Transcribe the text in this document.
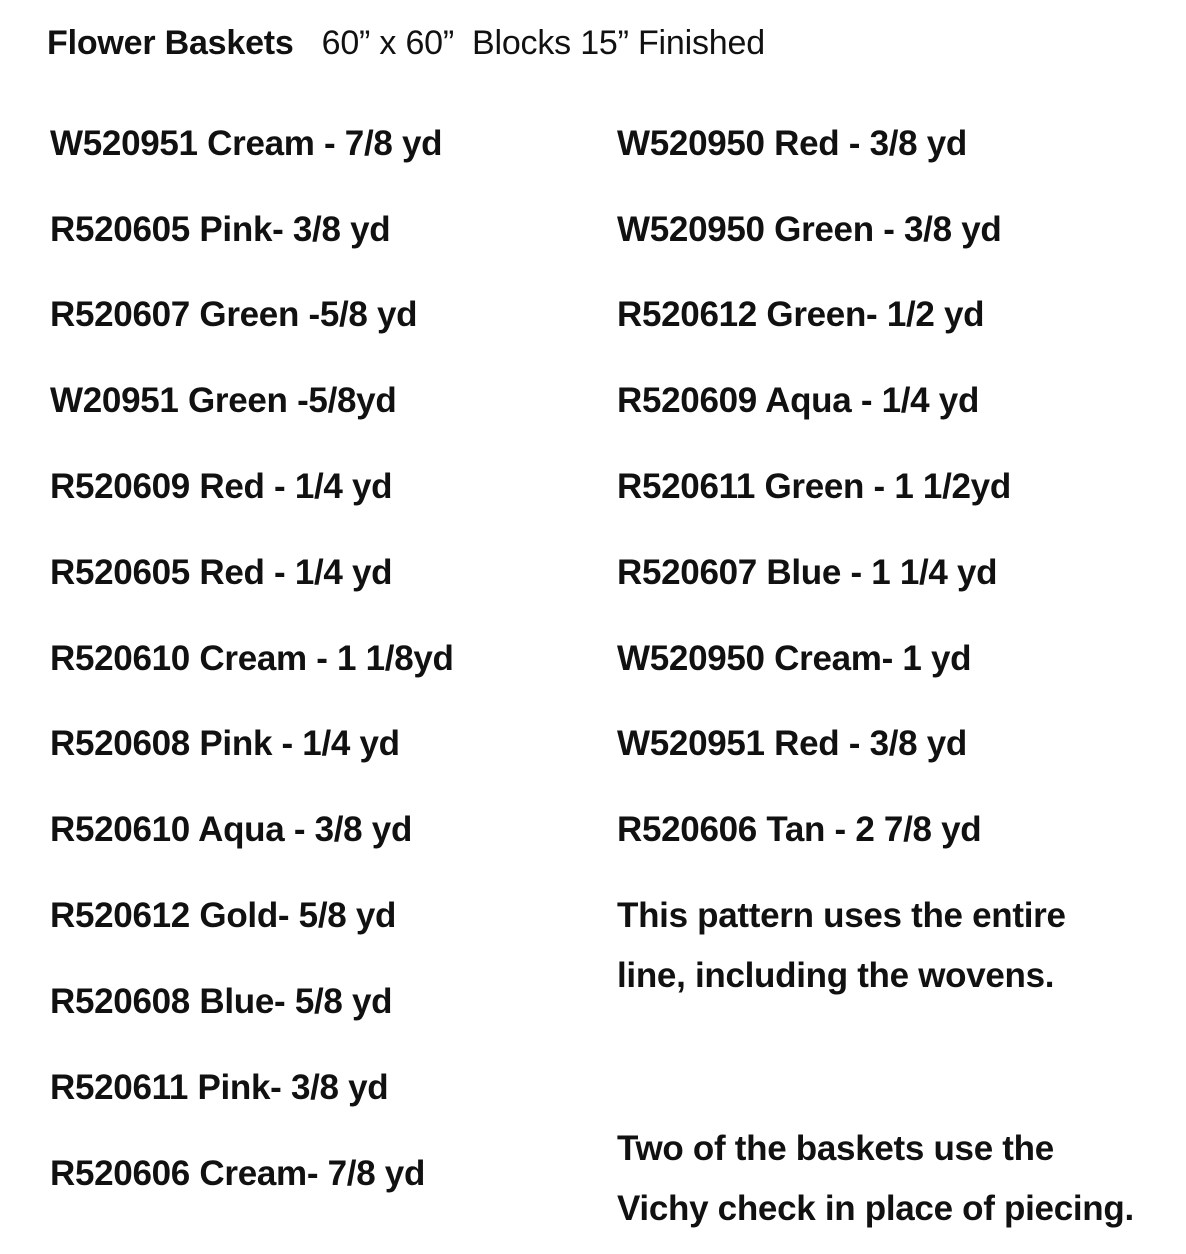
Flower Baskets 60” x 60” Blocks 15” Finished
W520951 Cream - 7/8 yd
R520605 Pink- 3/8 yd
R520607 Green -5/8 yd
W20951 Green -5/8yd
R520609 Red - 1/4 yd
R520605 Red - 1/4 yd
R520610 Cream - 1 1/8yd
R520608 Pink - 1/4 yd
R520610 Aqua - 3/8 yd
R520612 Gold- 5/8 yd
R520608 Blue- 5/8 yd
R520611 Pink- 3/8 yd
R520606 Cream- 7/8 yd
W520950 Red - 3/8 yd
W520950 Green - 3/8 yd
R520612 Green- 1/2 yd
R520609 Aqua - 1/4 yd
R520611 Green - 1 1/2yd
R520607 Blue - 1 1/4 yd
W520950 Cream- 1 yd
W520951 Red - 3/8 yd
R520606 Tan - 2 7/8 yd
This pattern uses the entire
line, including the wovens.
Two of the baskets use the
Vichy check in place of piecing.
